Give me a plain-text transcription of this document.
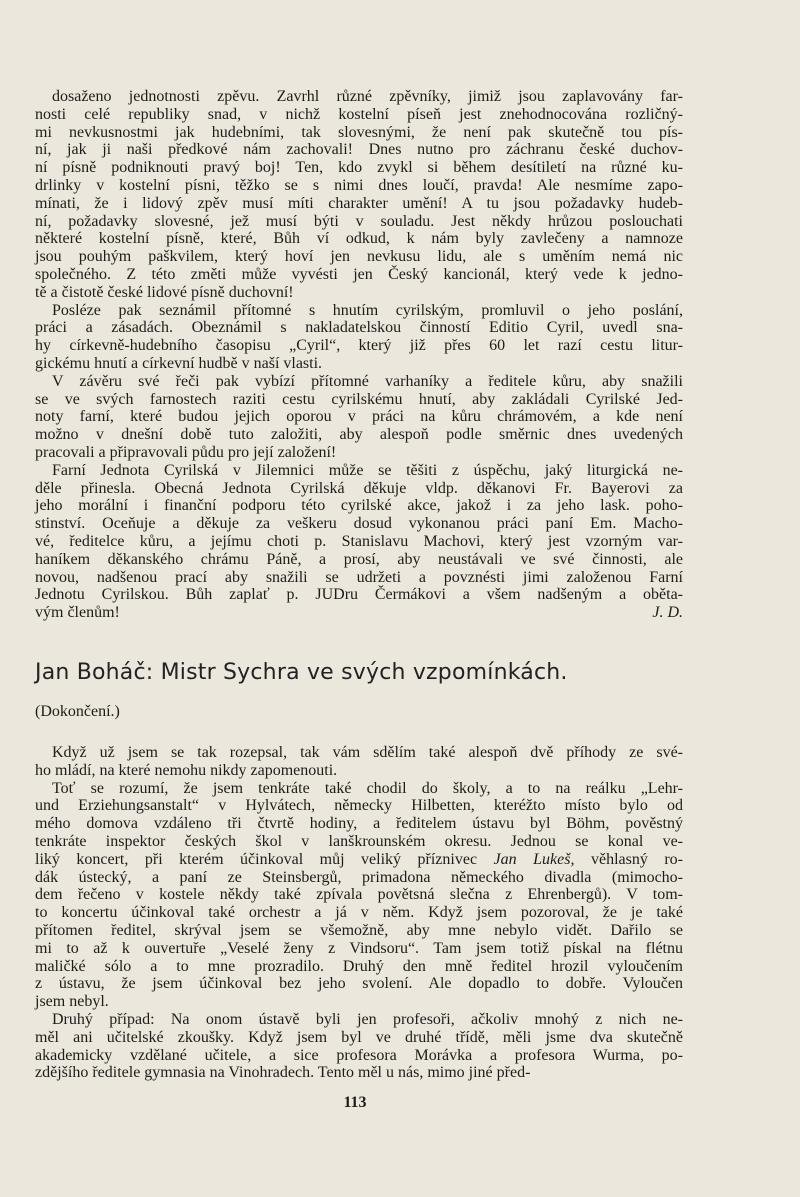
dosaženo jednotnosti zpěvu. Zavrhl různé zpěvníky, jimiž jsou zaplavovány far-
nosti celé republiky snad, v nichž kostelní píseň jest znehodnocována rozličný-
mi nevkusnostmi jak hudebními, tak slovesnými, že není pak skutečně tou pís-
ní, jak ji naši předkové nám zachovali! Dnes nutno pro záchranu české duchov-
ní písně podniknouti pravý boj! Ten, kdo zvykl si během desítiletí na různé ku-
drlinky v kostelní písni, těžko se s nimi dnes loučí, pravda! Ale nesmíme zapo-
mínati, že i lidový zpěv musí míti charakter umění! A tu jsou požadavky hudeb-
ní, požadavky slovesné, jež musí býti v souladu. Jest někdy hrůzou poslouchati
některé kostelní písně, které, Bůh ví odkud, k nám byly zavlečeny a namnoze
jsou pouhým paškvilem, který hoví jen nevkusu lidu, ale s uměním nemá nic
společného. Z této změti může vyvésti jen Český kancionál, který vede k jedno-
tě a čistotě české lidové písně duchovní!
Posléze pak seznámil přítomné s hnutím cyrilským, promluvil o jeho poslání,
práci a zásadách. Obeznámil s nakladatelskou činností Editio Cyril, uvedl sna-
hy církevně-hudebního časopisu „Cyril“, který již přes 60 let razí cestu litur-
gickému hnutí a církevní hudbě v naší vlasti.
V závěru své řeči pak vybízí přítomné varhaníky a ředitele kůru, aby snažili
se ve svých farnostech raziti cestu cyrilskému hnutí, aby zakládali Cyrilské Jed-
noty farní, které budou jejich oporou v práci na kůru chrámovém, a kde není
možno v dnešní době tuto založiti, aby alespoň podle směrnic dnes uvedených
pracovali a připravovali půdu pro její založení!
Farní Jednota Cyrilská v Jilemnici může se těšiti z úspěchu, jaký liturgická ne-
děle přinesla. Obecná Jednota Cyrilská děkuje vldp. děkanovi Fr. Bayerovi za
jeho morální i finanční podporu této cyrilské akce, jakož i za jeho lask. poho-
stinství. Oceňuje a děkuje za veškeru dosud vykonanou práci paní Em. Macho-
vé, ředitelce kůru, a jejímu choti p. Stanislavu Machovi, který jest vzorným var-
haníkem děkanského chrámu Páně, a prosí, aby neustávali ve své činnosti, ale
novou, nadšenou prací aby snažili se udržeti a povznésti jimi založenou Farní
Jednotu Cyrilskou. Bůh zaplať p. JUDru Čermákovi a všem nadšeným a oběta-
J. D.
vým členům!
Jan Boháč: Mistr Sychra ve svých vzpomínkách.
(Dokončení.)
Když už jsem se tak rozepsal, tak vám sdělím také alespoň dvě příhody ze své-
ho mládí, na které nemohu nikdy zapomenouti.
Toť se rozumí, že jsem tenkráte také chodil do školy, a to na reálku „Lehr-
und Erziehungsanstalt“ v Hylvátech, německy Hilbetten, kteréžto místo bylo od
mého domova vzdáleno tři čtvrtě hodiny, a ředitelem ústavu byl Böhm, pověstný
tenkráte inspektor českých škol v lanškrounském okresu. Jednou se konal ve-
liký koncert, při kterém účinkoval můj veliký příznivec Jan Lukeš, věhlasný ro-
dák ústecký, a paní ze Steinsbergů, primadona německého divadla (mimocho-
dem řečeno v kostele někdy také zpívala povětsná slečna z Ehrenbergů). V tom-
to koncertu účinkoval také orchestr a já v něm. Když jsem pozoroval, že je také
přítomen ředitel, skrýval jsem se všemožně, aby mne nebylo vidět. Dařilo se
mi to až k ouvertuře „Veselé ženy z Vindsoru“. Tam jsem totiž pískal na flétnu
maličké sólo a to mne prozradilo. Druhý den mně ředitel hrozil vyloučením
z ústavu, že jsem účinkoval bez jeho svolení. Ale dopadlo to dobře. Vyloučen
jsem nebyl.
Druhý případ: Na onom ústavě byli jen profesoři, ačkoliv mnohý z nich ne-
měl ani učitelské zkoušky. Když jsem byl ve druhé třídě, měli jsme dva skutečně
akademicky vzdělané učitele, a sice profesora Morávka a profesora Wurma, po-
zdějšího ředitele gymnasia na Vinohradech. Tento měl u nás, mimo jiné před-
113
